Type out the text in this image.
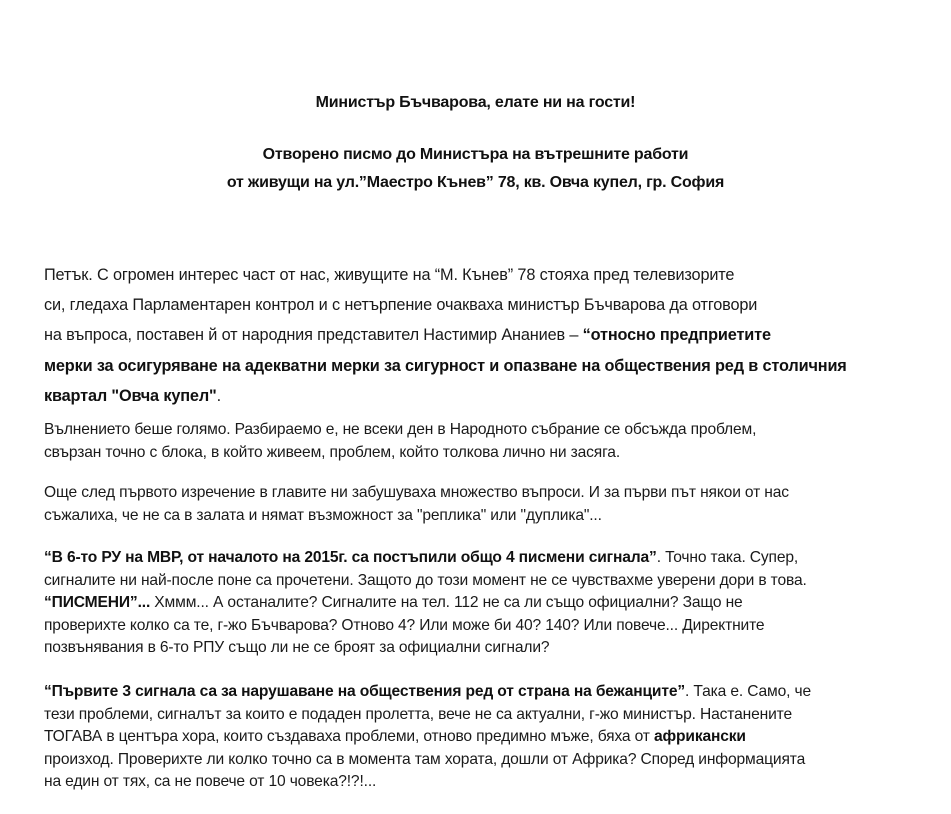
Министър Бъчварова, елате ни на гости!
Отворено писмо до Министъра на вътрешните работи
от живущи на ул.”Маестро Кънев” 78, кв. Овча купел, гр. София
Петък. С огромен интерес част от нас, живущите на “М. Кънев” 78 стояха пред телевизорите
си, гледаха Парламентарен контрол и с нетърпение очакваха министър Бъчварова да отговори
на въпроса, поставен й от народния представител Настимир Ананиев – “относно предприетите
мерки за осигуряване на адекватни мерки за сигурност и опазване на обществения ред в столичния
квартал "Овча купел".
Вълнението беше голямо. Разбираемо е, не всеки ден в Народното събрание се обсъжда проблем,
свързан точно с блока, в който живеем, проблем, който толкова лично ни засяга.
Още след първото изречение в главите ни забушуваха множество въпроси. И за първи път някои от нас
съжалиха, че не са в залата и нямат възможност за "реплика" или "дуплика"...
“В 6-то РУ на МВР, от началото на 2015г. са постъпили общо 4 писмени сигнала”. Точно така. Супер,
сигналите ни най-после поне са прочетени. Защото до този момент не се чувствахме уверени дори в това.
“ПИСМЕНИ”... Хммм... А останалите? Сигналите на тел. 112 не са ли също официални? Защо не
проверихте колко са те, г-жо Бъчварова? Отново 4? Или може би 40? 140? Или повече... Директните
позвънявания в 6-то РПУ също ли не се броят за официални сигнали?
“Първите 3 сигнала са за нарушаване на обществения ред от страна на бежанците”. Така е. Само, че
тези проблеми, сигналът за които е подаден пролетта, вече не са актуални, г-жо министър. Настанените
ТОГАВА в центъра хора, които създаваха проблеми, отново предимно мъже, бяха от африкански
произход. Проверихте ли колко точно са в момента там хората, дошли от Африка? Според информацията
на един от тях, са не повече от 10 човека?!?!...
